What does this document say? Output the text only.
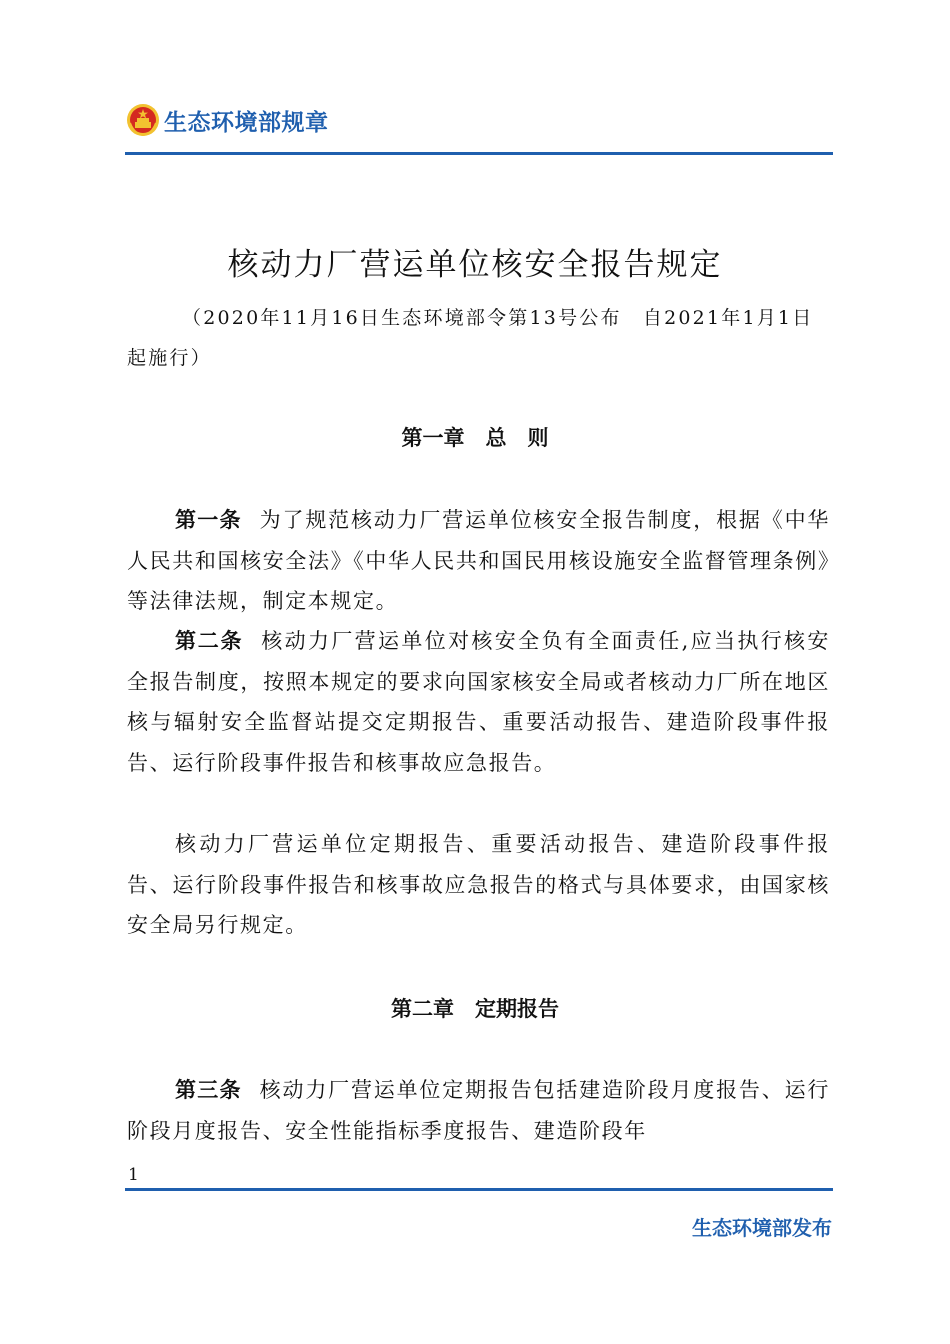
生态环境部规章
核动力厂营运单位核安全报告规定
（2020年11月16日生态环境部令第13号公布　自2021年1月1日起施行）
第一章　总　则

第一条 为了规范核动力厂营运单位核安全报告制度，根据《中华人民共和国核安全法》《中华人民共和国民用核设施安全监督管理条例》等法律法规，制定本规定。

第二条 核动力厂营运单位对核安全负有全面责任,应当执行核安全报告制度，按照本规定的要求向国家核安全局或者核动力厂所在地区核与辐射安全监督站提交定期报告、重要活动报告、建造阶段事件报告、运行阶段事件报告和核事故应急报告。

核动力厂营运单位定期报告、重要活动报告、建造阶段事件报告、运行阶段事件报告和核事故应急报告的格式与具体要求，由国家核安全局另行规定。

第二章　定期报告

第三条 核动力厂营运单位定期报告包括建造阶段月度报告、运行阶段月度报告、安全性能指标季度报告、建造阶段年

1
生态环境部发布
